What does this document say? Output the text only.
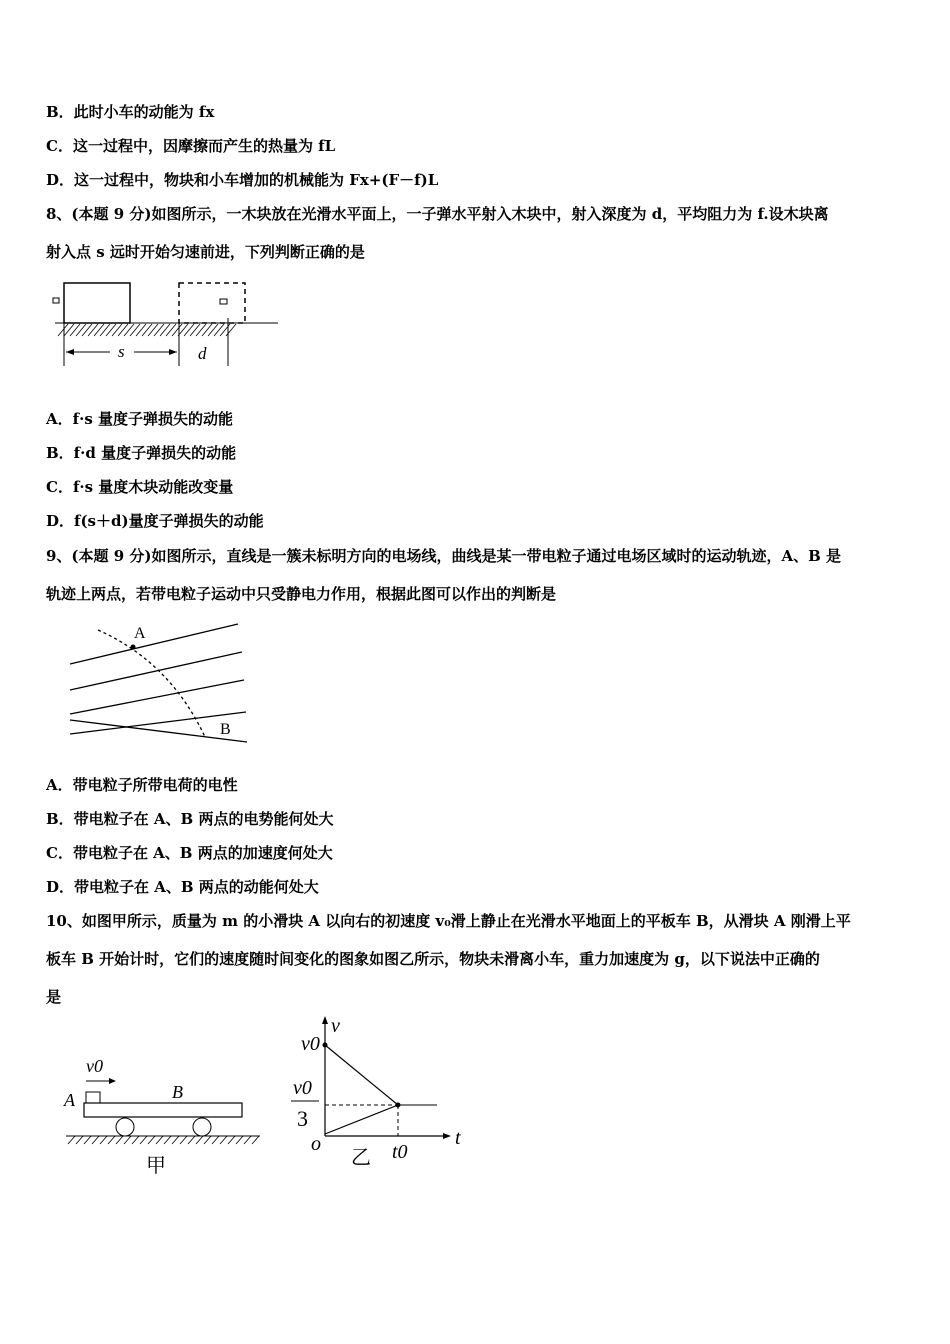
B．此时小车的动能为 fx
C．这一过程中，因摩擦而产生的热量为 fL
D．这一过程中，物块和小车增加的机械能为 Fx+(F－f)L
8、(本题 9 分)如图所示，一木块放在光滑水平面上，一子弹水平射入木块中，射入深度为 d，平均阻力为 f.设木块离
射入点 s 远时开始匀速前进，下列判断正确的是
s	d
A．f·s 量度子弹损失的动能
B．f·d 量度子弹损失的动能
C．f·s 量度木块动能改变量
D．f(s＋d)量度子弹损失的动能
9、(本题 9 分)如图所示，直线是一簇未标明方向的电场线，曲线是某一带电粒子通过电场区域时的运动轨迹，A、B 是
轨迹上两点，若带电粒子运动中只受静电力作用，根据此图可以作出的判断是
A
B
A．带电粒子所带电荷的电性
B．带电粒子在 A、B 两点的电势能何处大
C．带电粒子在 A、B 两点的加速度何处大
D．带电粒子在 A、B 两点的动能何处大
10、如图甲所示，质量为 m 的小滑块 A 以向右的初速度 v₀滑上静止在光滑水平地面上的平板车 B，从滑块 A 刚滑上平
板车 B 开始计时，它们的速度随时间变化的图象如图乙所示，物块未滑离小车，重力加速度为 g，以下说法中正确的
是
v0
A	B
甲
v
v0
v0
3
o	t
t0
乙
